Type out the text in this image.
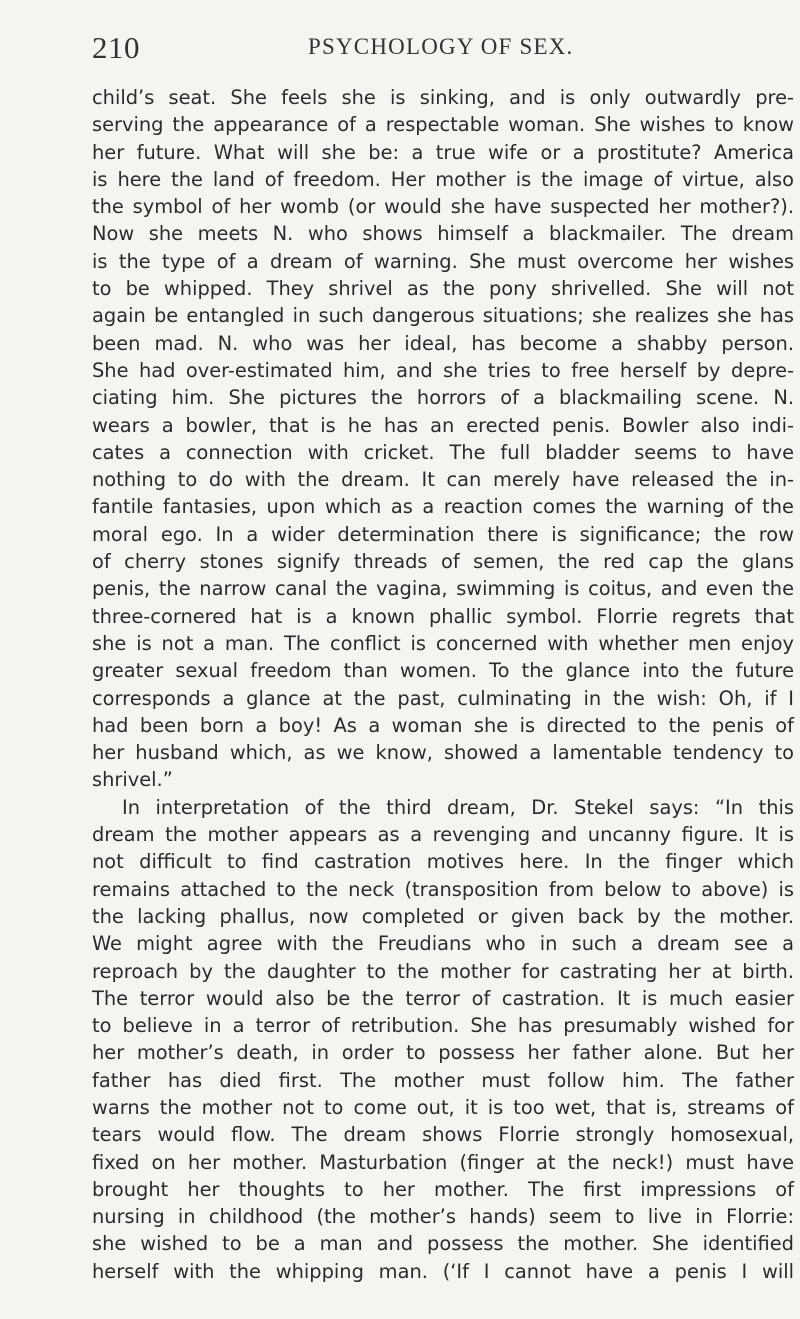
210	PSYCHOLOGY OF SEX.
child’s seat. She feels she is sinking, and is only outwardly pre-
serving the appearance of a respectable woman. She wishes to know
her future. What will she be: a true wife or a prostitute? America
is here the land of freedom. Her mother is the image of virtue, also
the symbol of her womb (or would she have suspected her mother?).
Now she meets N. who shows himself a blackmailer. The dream
is the type of a dream of warning. She must overcome her wishes
to be whipped. They shrivel as the pony shrivelled. She will not
again be entangled in such dangerous situations; she realizes she has
been mad. N. who was her ideal, has become a shabby person.
She had over-estimated him, and she tries to free herself by depre-
ciating him. She pictures the horrors of a blackmailing scene. N.
wears a bowler, that is he has an erected penis. Bowler also indi-
cates a connection with cricket. The full bladder seems to have
nothing to do with the dream. It can merely have released the in-
fantile fantasies, upon which as a reaction comes the warning of the
moral ego. In a wider determination there is significance; the row
of cherry stones signify threads of semen, the red cap the glans
penis, the narrow canal the vagina, swimming is coitus, and even the
three-cornered hat is a known phallic symbol. Florrie regrets that
she is not a man. The conflict is concerned with whether men enjoy
greater sexual freedom than women. To the glance into the future
corresponds a glance at the past, culminating in the wish: Oh, if I
had been born a boy! As a woman she is directed to the penis of
her husband which, as we know, showed a lamentable tendency to
shrivel.”
In interpretation of the third dream, Dr. Stekel says: “In this
dream the mother appears as a revenging and uncanny figure. It is
not difficult to find castration motives here. In the finger which
remains attached to the neck (transposition from below to above) is
the lacking phallus, now completed or given back by the mother.
We might agree with the Freudians who in such a dream see a
reproach by the daughter to the mother for castrating her at birth.
The terror would also be the terror of castration. It is much easier
to believe in a terror of retribution. She has presumably wished for
her mother’s death, in order to possess her father alone. But her
father has died first. The mother must follow him. The father
warns the mother not to come out, it is too wet, that is, streams of
tears would flow. The dream shows Florrie strongly homosexual,
fixed on her mother. Masturbation (finger at the neck!) must have
brought her thoughts to her mother. The first impressions of
nursing in childhood (the mother’s hands) seem to live in Florrie:
she wished to be a man and possess the mother. She identified
herself with the whipping man. (‘If I cannot have a penis I will
